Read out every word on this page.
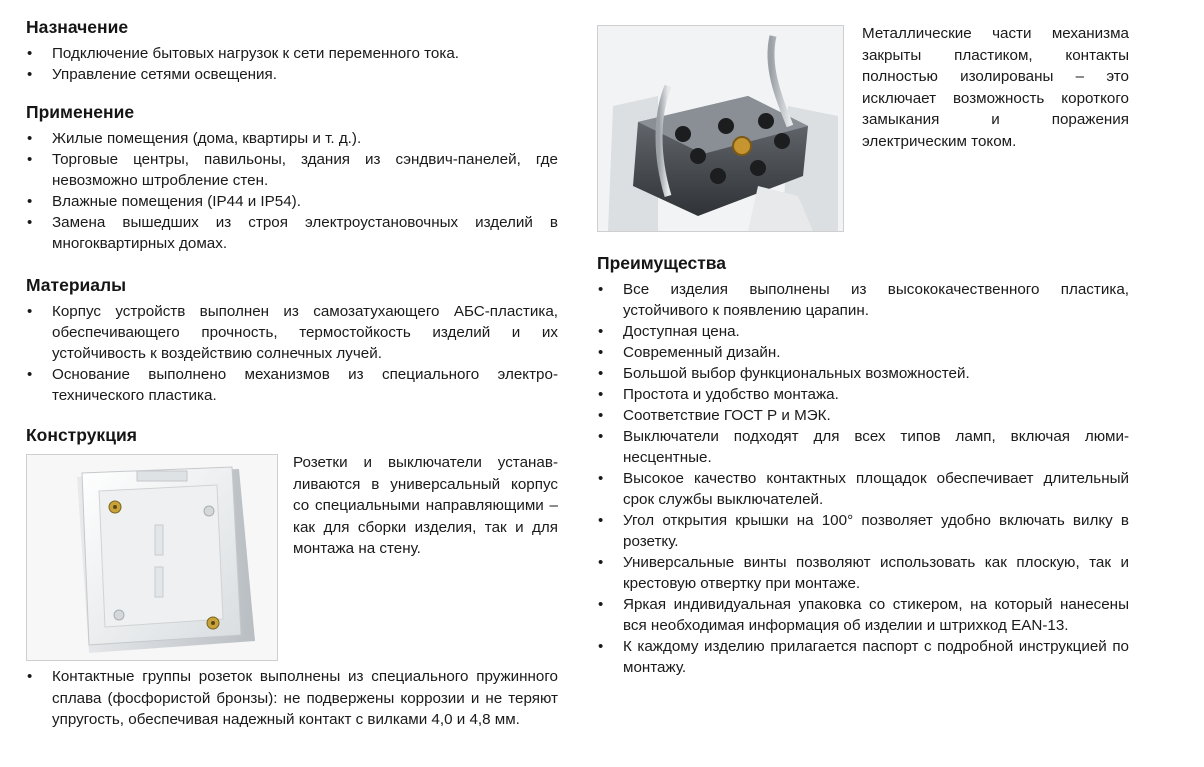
Назначение
• Подключение бытовых нагрузок к сети переменного тока.
• Управление сетями освещения.
Применение
• Жилые помещения (дома, квартиры и т. д.).
• Торговые центры, павильоны, здания из сэндвич-панелей, где невозможно штробление стен.
• Влажные помещения (IP44 и IP54).
• Замена вышедших из строя электроустановочных изделий в многоквартирных домах.
Материалы
• Корпус устройств выполнен из самозатухающего АБС-пластика, обеспечивающего прочность, термостойкость изделий и их устойчивость к воздействию солнечных лучей.
• Основание выполнено механизмов из специального электротехнического пластика.
Конструкция
Розетки и выключатели устанавливаются в универсальный корпус со специальными направляющими – как для сборки изделия, так и для монтажа на стену.
• Контактные группы розеток выполнены из специального пружинного сплава (фосфористой бронзы): не подвержены коррозии и не теряют упругость, обеспечивая надежный контакт с вилками 4,0 и 4,8 мм.
Металлические части механизма закрыты пластиком, контакты полностью изолированы – это исключает возможность короткого замыкания и поражения электрическим током.
Преимущества
• Все изделия выполнены из высококачественного пластика, устойчивого к появлению царапин.
• Доступная цена.
• Современный дизайн.
• Большой выбор функциональных возможностей.
• Простота и удобство монтажа.
• Соответствие ГОСТ Р и МЭК.
• Выключатели подходят для всех типов ламп, включая люминесцентные.
• Высокое качество контактных площадок обеспечивает длительный срок службы выключателей.
• Угол открытия крышки на 100° позволяет удобно включать вилку в розетку.
• Универсальные винты позволяют использовать как плоскую, так и крестовую отвертку при монтаже.
• Яркая индивидуальная упаковка со стикером, на который нанесены вся необходимая информация об изделии и штрихкод EAN-13.
• К каждому изделию прилагается паспорт с подробной инструкцией по монтажу.
